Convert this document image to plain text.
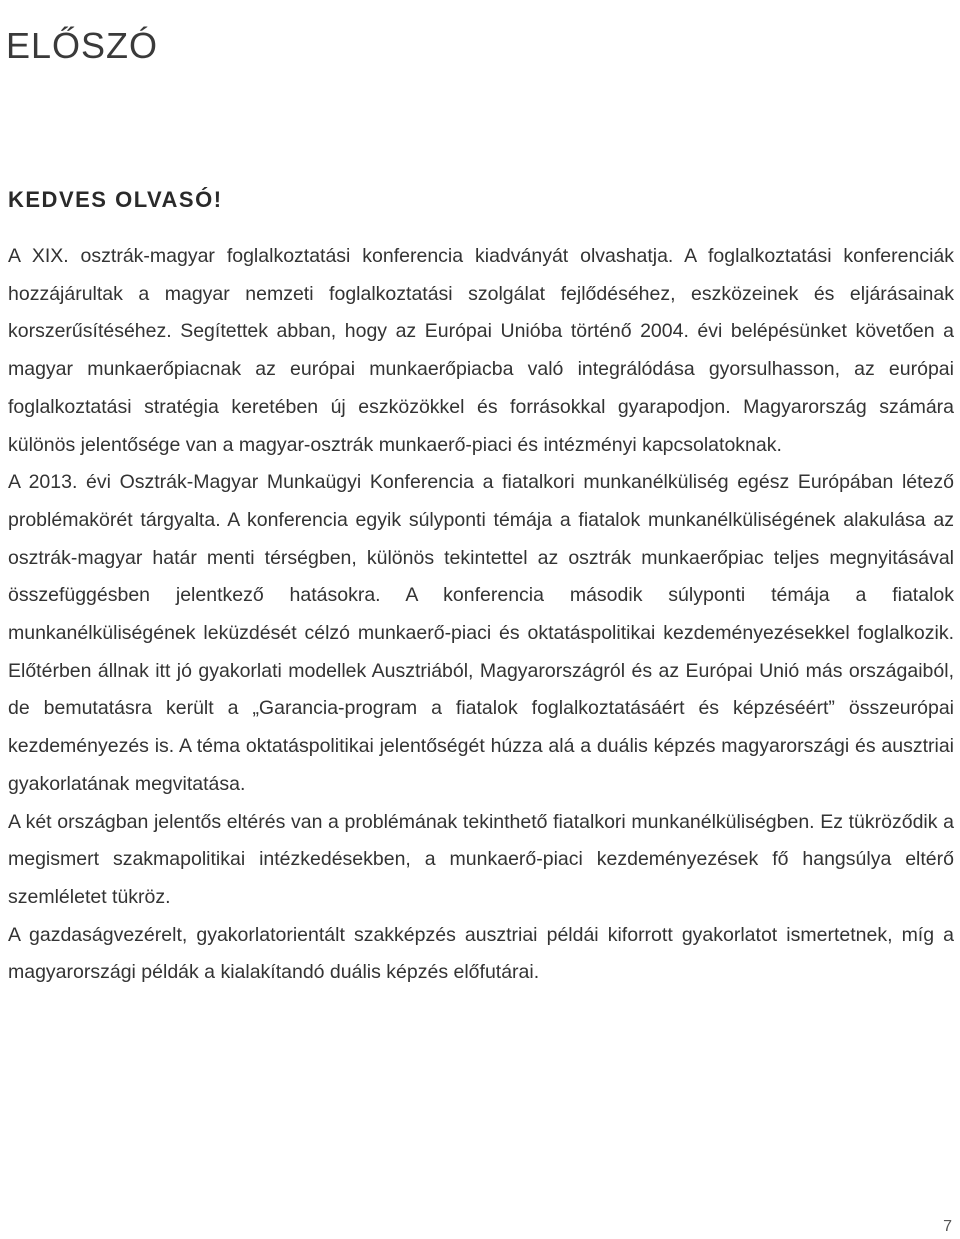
ELŐSZÓ
KEDVES OLVASÓ!

A XIX. osztrák-magyar foglalkoztatási konferencia kiadványát olvashatja. A foglalkoztatási konferenciák hozzájárultak a magyar nemzeti foglalkoztatási szolgálat fejlődéséhez, eszközeinek és eljárásainak korszerűsítéséhez. Segítettek abban, hogy az Európai Unióba történő 2004. évi belépésünket követően a magyar munkaerőpiacnak az európai munkaerőpiacba való integrálódása gyorsulhasson, az európai foglalkoztatási stratégia keretében új eszközökkel és forrásokkal gyarapodjon. Magyarország számára különös jelentősége van a magyar-osztrák munkaerő-piaci és intézményi kapcsolatoknak.

A 2013. évi Osztrák-Magyar Munkaügyi Konferencia a fiatalkori munkanélküliség egész Európában létező problémakörét tárgyalta. A konferencia egyik súlyponti témája a fiatalok munkanélküliségének alakulása az osztrák-magyar határ menti térségben, különös tekintettel az osztrák munkaerőpiac teljes megnyitásával összefüggésben jelentkező hatásokra. A konferencia második súlyponti témája a fiatalok munkanélküliségének leküzdését célzó munkaerő-piaci és oktatáspolitikai kezdeményezésekkel foglalkozik. Előtérben állnak itt jó gyakorlati modellek Ausztriából, Magyarországról és az Európai Unió más országaiból, de bemutatásra került a „Garancia-program a fiatalok foglalkoztatásáért és képzéséért” összeurópai kezdeményezés is. A téma oktatáspolitikai jelentőségét húzza alá a duális képzés magyarországi és ausztriai gyakorlatának megvitatása.

A két országban jelentős eltérés van a problémának tekinthető fiatalkori munkanélküliségben. Ez tükröződik a megismert szakmapolitikai intézkedésekben, a munkaerő-piaci kezdeményezések fő hangsúlya eltérő szemléletet tükröz.

A gazdaságvezérelt, gyakorlatorientált szakképzés ausztriai példái kiforrott gyakorlatot ismertetnek, míg a magyarországi példák a kialakítandó duális képzés előfutárai.

7
